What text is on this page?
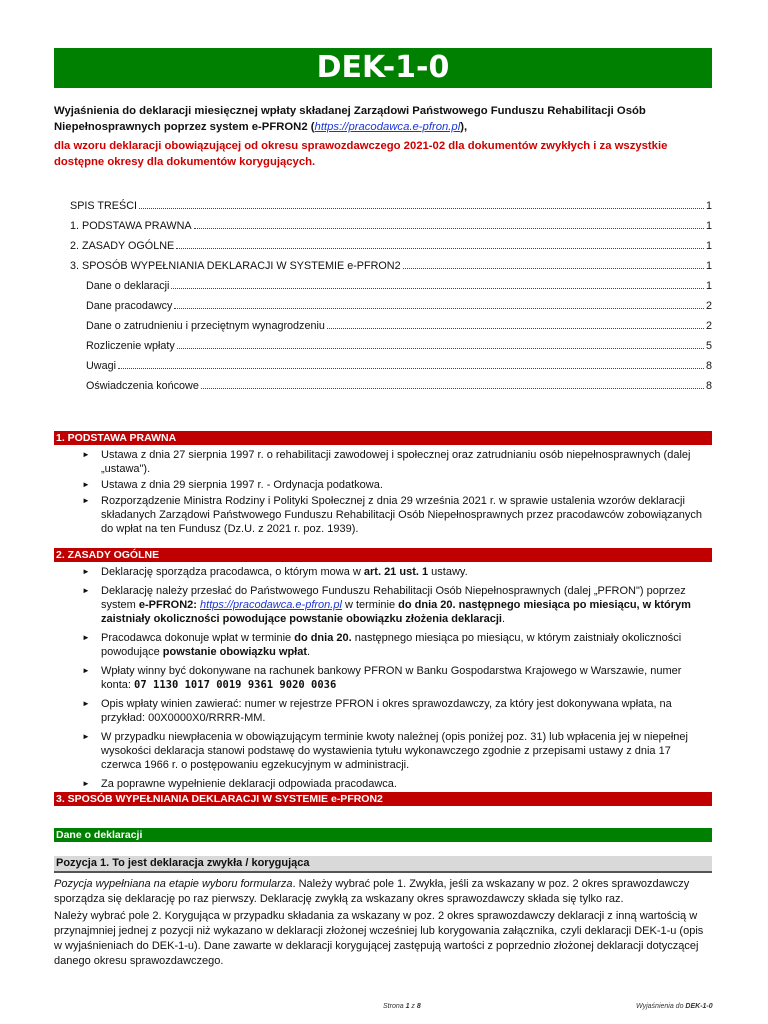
DEK-1-0
Wyjaśnienia do deklaracji miesięcznej wpłaty składanej Zarządowi Państwowego Funduszu Rehabilitacji Osób Niepełnosprawnych poprzez system e-PFRON2 (https://pracodawca.e-pfron.pl),
dla wzoru deklaracji obowiązującej od okresu sprawozdawczego 2021-02 dla dokumentów zwykłych i za wszystkie dostępne okresy dla dokumentów korygujących.
SPIS TREŚCI	1
1. PODSTAWA PRAWNA	1
2. ZASADY OGÓLNE	1
3. SPOSÓB WYPEŁNIANIA DEKLARACJI W SYSTEMIE e-PFRON2	1
Dane o deklaracji	1
Dane pracodawcy	2
Dane o zatrudnieniu i przeciętnym wynagrodzeniu	2
Rozliczenie wpłaty	5
Uwagi	8
Oświadczenia końcowe	8
1. PODSTAWA PRAWNA
► Ustawa z dnia 27 sierpnia 1997 r. o rehabilitacji zawodowej i społecznej oraz zatrudnianiu osób niepełnosprawnych (dalej „ustawa").
► Ustawa z dnia 29 sierpnia 1997 r. - Ordynacja podatkowa.
► Rozporządzenie Ministra Rodziny i Polityki Społecznej z dnia 29 września 2021 r. w sprawie ustalenia wzorów deklaracji składanych Zarządowi Państwowego Funduszu Rehabilitacji Osób Niepełnosprawnych przez pracodawców zobowiązanych do wpłat na ten Fundusz (Dz.U. z 2021 r. poz. 1939).
2. ZASADY OGÓLNE
► Deklarację sporządza pracodawca, o którym mowa w art. 21 ust. 1 ustawy.
► Deklarację należy przesłać do Państwowego Funduszu Rehabilitacji Osób Niepełnosprawnych (dalej „PFRON") poprzez system e-PFRON2: https://pracodawca.e-pfron.pl w terminie do dnia 20. następnego miesiąca po miesiącu, w którym zaistniały okoliczności powodujące powstanie obowiązku złożenia deklaracji.
► Pracodawca dokonuje wpłat w terminie do dnia 20. następnego miesiąca po miesiącu, w którym zaistniały okoliczności powodujące powstanie obowiązku wpłat.
► Wpłaty winny być dokonywane na rachunek bankowy PFRON w Banku Gospodarstwa Krajowego w Warszawie, numer konta: 07 1130 1017 0019 9361 9020 0036
► Opis wpłaty winien zawierać: numer w rejestrze PFRON i okres sprawozdawczy, za który jest dokonywana wpłata, na przykład: 00X0000X0/RRRR-MM.
► W przypadku niewpłacenia w obowiązującym terminie kwoty należnej (opis poniżej poz. 31) lub wpłacenia jej w niepełnej wysokości deklaracja stanowi podstawę do wystawienia tytułu wykonawczego zgodnie z przepisami ustawy z dnia 17 czerwca 1966 r. o postępowaniu egzekucyjnym w administracji.
► Za poprawne wypełnienie deklaracji odpowiada pracodawca.
3. SPOSÓB WYPEŁNIANIA DEKLARACJI W SYSTEMIE e-PFRON2
Dane o deklaracji
Pozycja 1. To jest deklaracja zwykła / korygująca
Pozycja wypełniana na etapie wyboru formularza. Należy wybrać pole 1. Zwykła, jeśli za wskazany w poz. 2 okres sprawozdawczy sporządza się deklarację po raz pierwszy. Deklarację zwykłą za wskazany okres sprawozdawczy składa się tylko raz.
Należy wybrać pole 2. Korygująca w przypadku składania za wskazany w poz. 2 okres sprawozdawczy deklaracji z inną wartością w przynajmniej jednej z pozycji niż wykazano w deklaracji złożonej wcześniej lub korygowania załącznika, czyli deklaracji DEK-1-u (opis w wyjaśnieniach do DEK-1-u). Dane zawarte w deklaracji korygującej zastępują wartości z poprzednio złożonej deklaracji dotyczącej danego okresu sprawozdawczego.
Strona 1 z 8	Wyjaśnienia do DEK-1-0
